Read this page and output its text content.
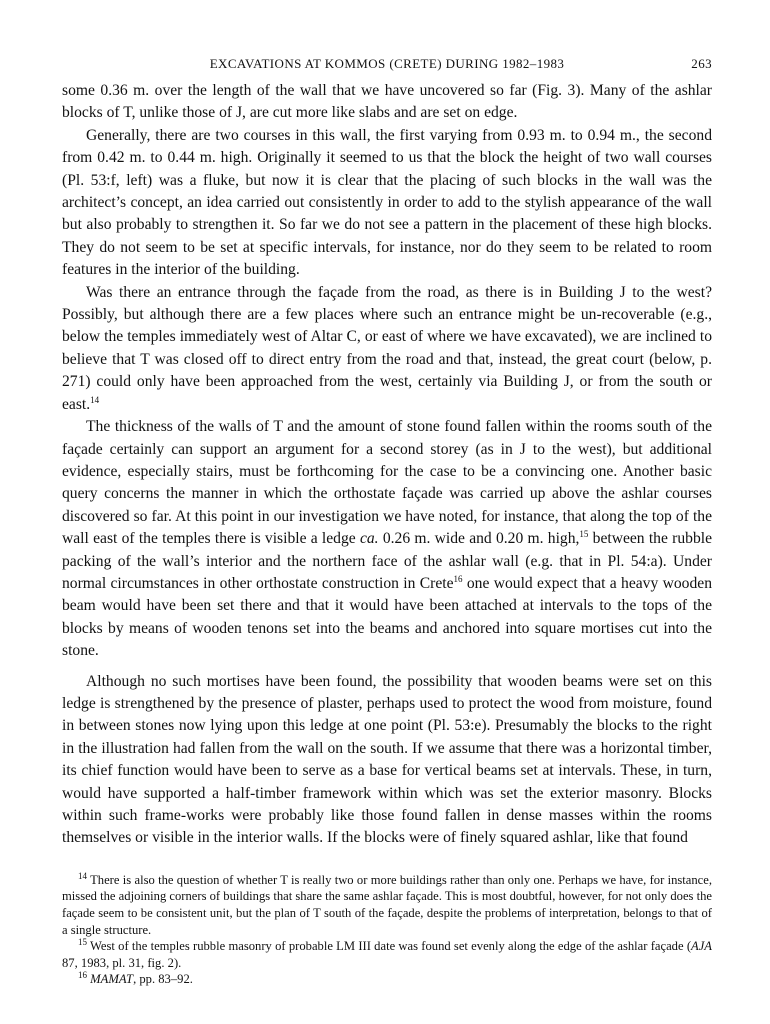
EXCAVATIONS AT KOMMOS (CRETE) DURING 1982–1983	263

some 0.36 m. over the length of the wall that we have uncovered so far (Fig. 3). Many of the ashlar blocks of T, unlike those of J, are cut more like slabs and are set on edge.

Generally, there are two courses in this wall, the first varying from 0.93 m. to 0.94 m., the second from 0.42 m. to 0.44 m. high. Originally it seemed to us that the block the height of two wall courses (Pl. 53:f, left) was a fluke, but now it is clear that the placing of such blocks in the wall was the architect’s concept, an idea carried out consistently in order to add to the stylish appearance of the wall but also probably to strengthen it. So far we do not see a pattern in the placement of these high blocks. They do not seem to be set at specific intervals, for instance, nor do they seem to be related to room features in the interior of the building.

Was there an entrance through the façade from the road, as there is in Building J to the west? Possibly, but although there are a few places where such an entrance might be un-recoverable (e.g., below the temples immediately west of Altar C, or east of where we have excavated), we are inclined to believe that T was closed off to direct entry from the road and that, instead, the great court (below, p. 271) could only have been approached from the west, certainly via Building J, or from the south or east.$^{14}$

The thickness of the walls of T and the amount of stone found fallen within the rooms south of the façade certainly can support an argument for a second storey (as in J to the west), but additional evidence, especially stairs, must be forthcoming for the case to be a convincing one. Another basic query concerns the manner in which the orthostate façade was carried up above the ashlar courses discovered so far. At this point in our investigation we have noted, for instance, that along the top of the wall east of the temples there is visible a ledge ca. 0.26 m. wide and 0.20 m. high,$^{15}$ between the rubble packing of the wall’s interior and the northern face of the ashlar wall (e.g. that in Pl. 54:a). Under normal circumstances in other orthostate construction in Crete$^{16}$ one would expect that a heavy wooden beam would have been set there and that it would have been attached at intervals to the tops of the blocks by means of wooden tenons set into the beams and anchored into square mortises cut into the stone.

Although no such mortises have been found, the possibility that wooden beams were set on this ledge is strengthened by the presence of plaster, perhaps used to protect the wood from moisture, found in between stones now lying upon this ledge at one point (Pl. 53:e). Presumably the blocks to the right in the illustration had fallen from the wall on the south. If we assume that there was a horizontal timber, its chief function would have been to serve as a base for vertical beams set at intervals. These, in turn, would have supported a half-timber framework within which was set the exterior masonry. Blocks within such frame-works were probably like those found fallen in dense masses within the rooms themselves or visible in the interior walls. If the blocks were of finely squared ashlar, like that found

$^{14}$ There is also the question of whether T is really two or more buildings rather than only one. Perhaps we have, for instance, missed the adjoining corners of buildings that share the same ashlar façade. This is most doubtful, however, for not only does the façade seem to be consistent unit, but the plan of T south of the façade, despite the problems of interpretation, belongs to that of a single structure.

$^{15}$ West of the temples rubble masonry of probable LM III date was found set evenly along the edge of the ashlar façade (AJA 87, 1983, pl. 31, fig. 2).

$^{16}$ MAMAT, pp. 83–92.
